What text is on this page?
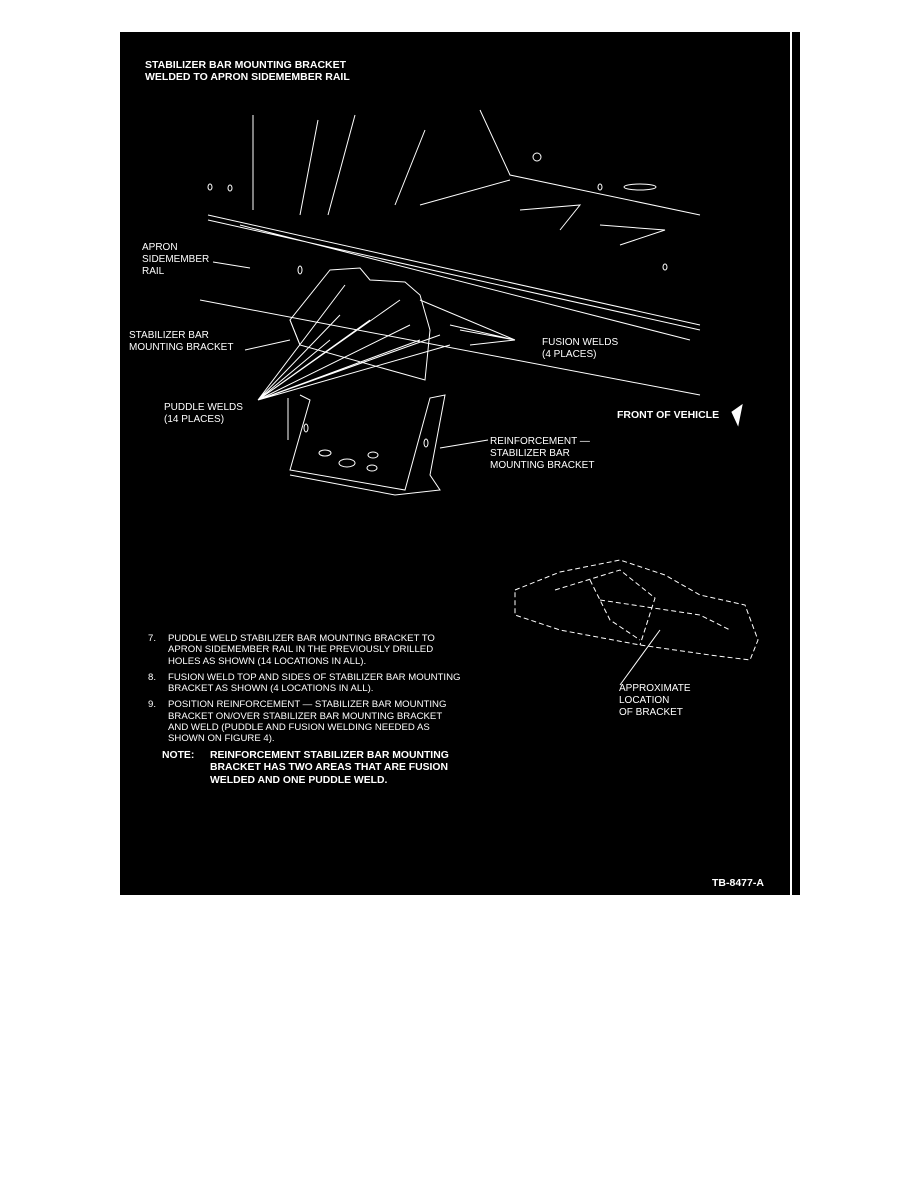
STABILIZER BAR MOUNTING BRACKET
WELDED TO APRON SIDEMEMBER RAIL
APRON
SIDEMEMBER
RAIL
STABILIZER BAR
MOUNTING BRACKET	FUSION WELDS
(4 PLACES)
PUDDLE WELDS
(14 PLACES)	FRONT OF VEHICLE
REINFORCEMENT —
STABILIZER BAR
MOUNTING BRACKET
APPROXIMATE
LOCATION
OF BRACKET
7.	PUDDLE WELD STABILIZER BAR MOUNTING BRACKET TO APRON SIDEMEMBER RAIL IN THE PREVIOUSLY DRILLED HOLES AS SHOWN (14 LOCATIONS IN ALL).
8.	FUSION WELD TOP AND SIDES OF STABILIZER BAR MOUNTING BRACKET AS SHOWN (4 LOCATIONS IN ALL).
9.	POSITION REINFORCEMENT — STABILIZER BAR MOUNTING BRACKET ON/OVER STABILIZER BAR MOUNTING BRACKET AND WELD (PUDDLE AND FUSION WELDING NEEDED AS SHOWN ON FIGURE 4).
NOTE:	REINFORCEMENT STABILIZER BAR MOUNTING BRACKET HAS TWO AREAS THAT ARE FUSION WELDED AND ONE PUDDLE WELD.
TB-8477-A
